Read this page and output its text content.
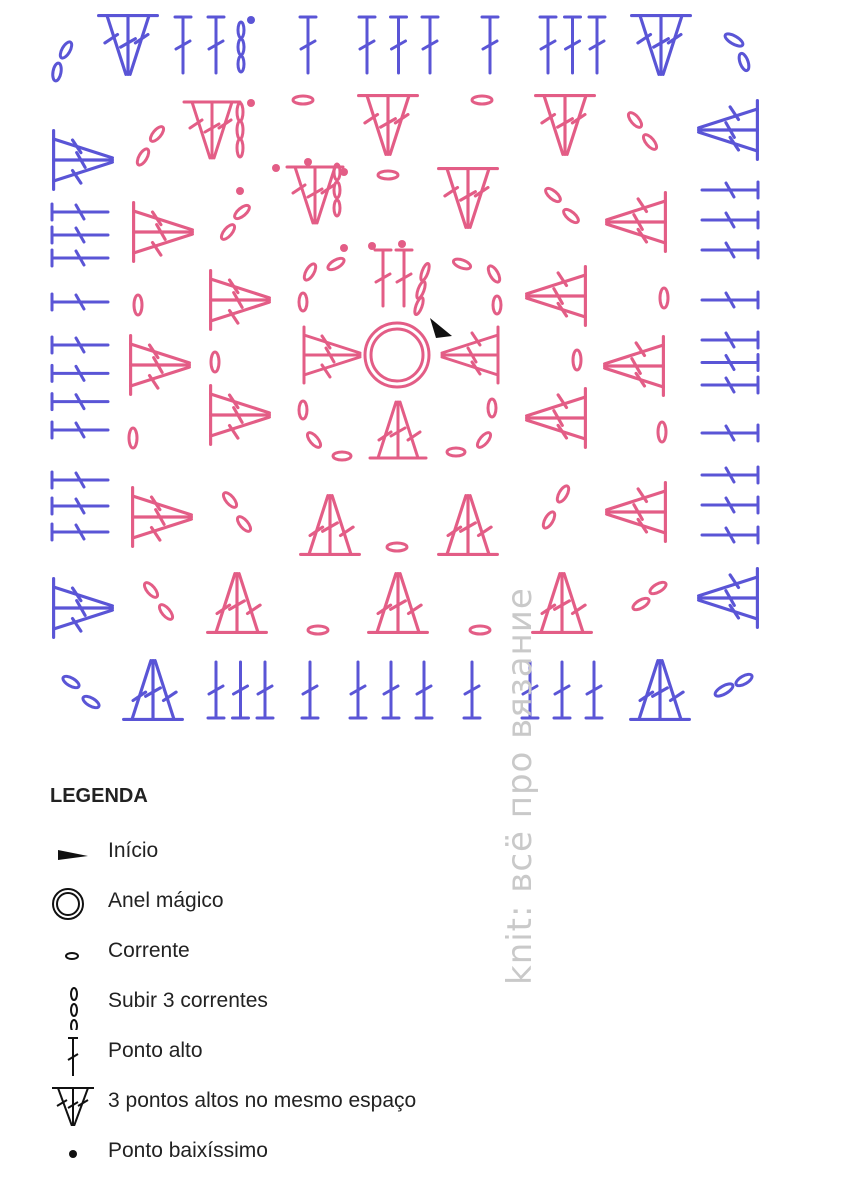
knit: всё про вязание
LEGENDA
Início
Anel mágico
Corrente
Subir 3 correntes
Ponto alto
3 pontos altos no mesmo espaço
Ponto baixíssimo
